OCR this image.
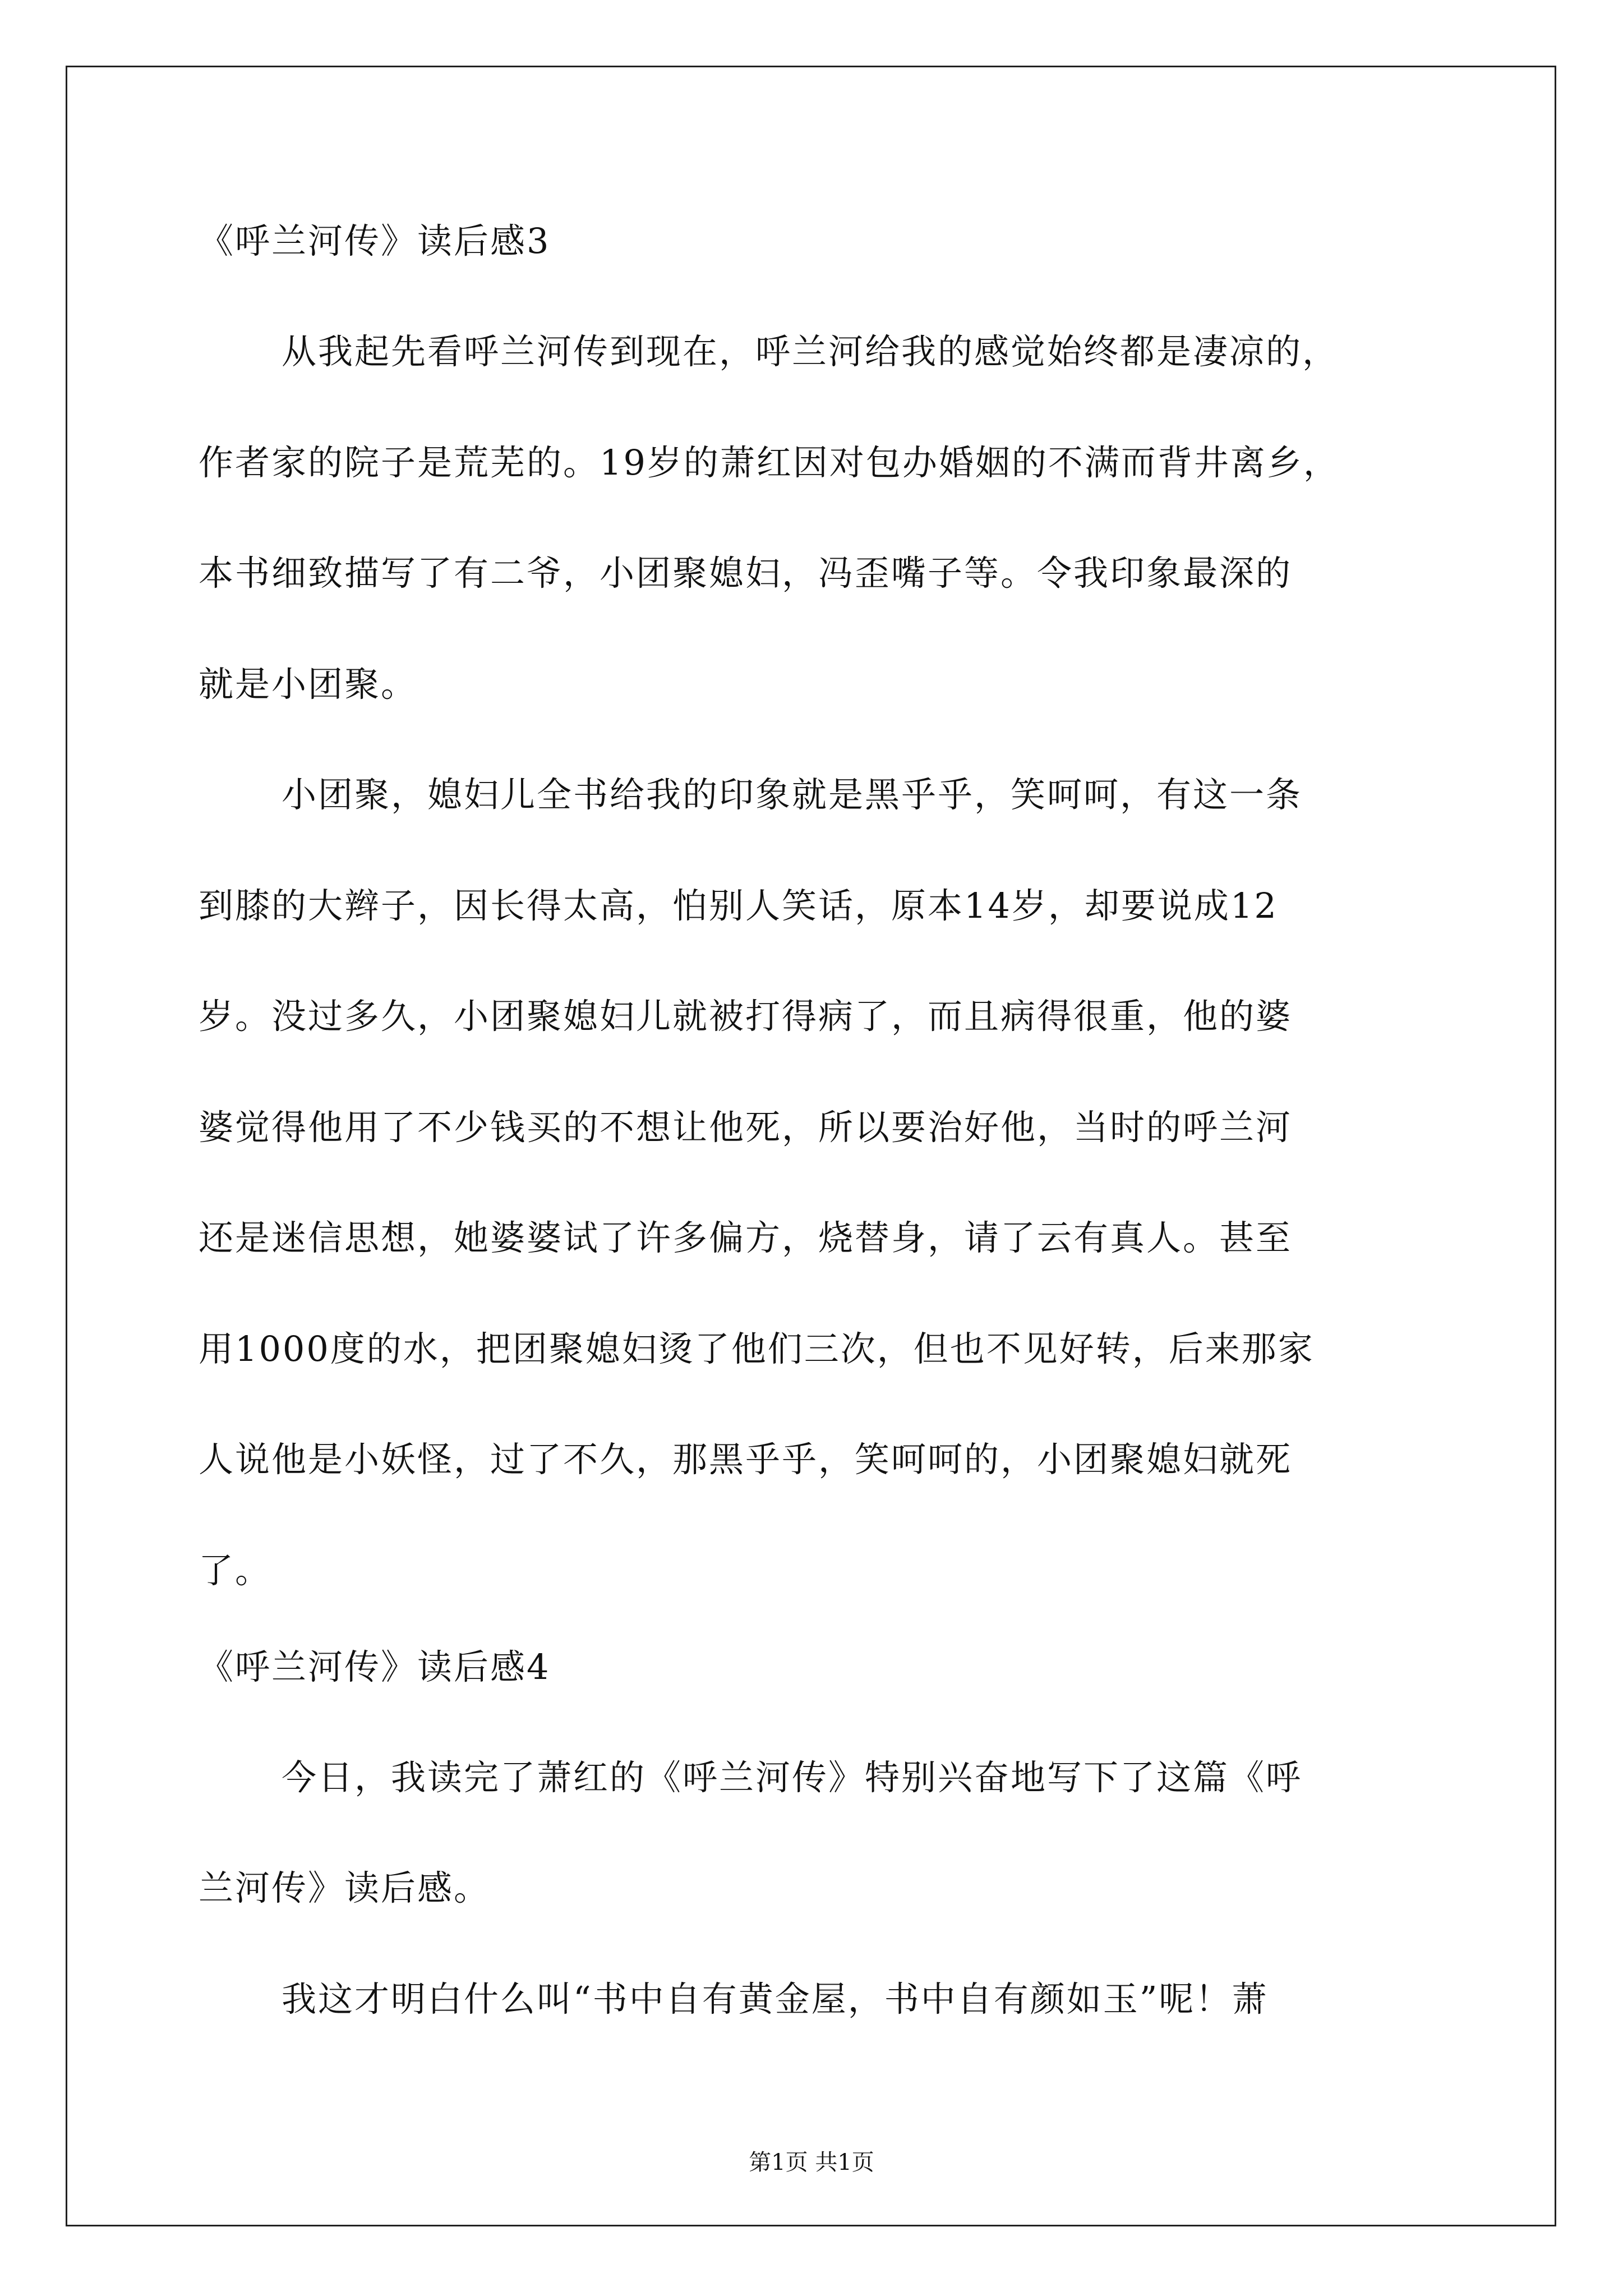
《呼兰河传》读后感3
从我起先看呼兰河传到现在，呼兰河给我的感觉始终都是凄凉的，
作者家的院子是荒芜的。19岁的萧红因对包办婚姻的不满而背井离乡，
本书细致描写了有二爷，小团聚媳妇，冯歪嘴子等。令我印象最深的
就是小团聚。
小团聚，媳妇儿全书给我的印象就是黑乎乎，笑呵呵，有这一条
到膝的大辫子，因长得太高，怕别人笑话，原本14岁，却要说成12
岁。没过多久，小团聚媳妇儿就被打得病了，而且病得很重，他的婆
婆觉得他用了不少钱买的不想让他死，所以要治好他，当时的呼兰河
还是迷信思想，她婆婆试了许多偏方，烧替身，请了云有真人。甚至
用1000度的水，把团聚媳妇烫了他们三次，但也不见好转，后来那家
人说他是小妖怪，过了不久，那黑乎乎，笑呵呵的，小团聚媳妇就死
了。
《呼兰河传》读后感4
今日，我读完了萧红的《呼兰河传》特别兴奋地写下了这篇《呼
兰河传》读后感。
我这才明白什么叫“书中自有黄金屋，书中自有颜如玉”呢！萧
第1页 共1页
